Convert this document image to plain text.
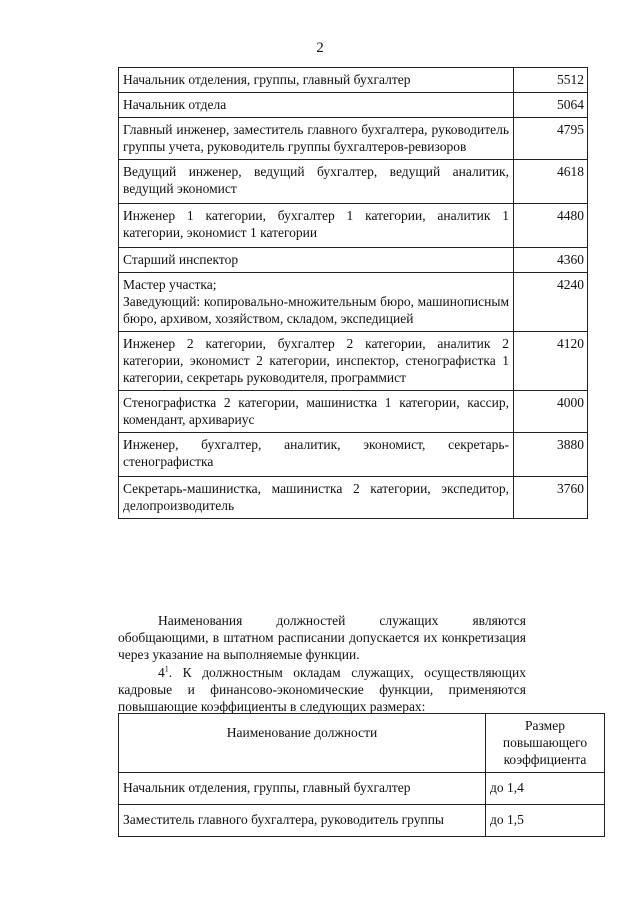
2
Начальник отделения, группы, главный бухгалтер	5512
Начальник отдела	5064
Главный инженер, заместитель главного бухгалтера, руководитель группы учета, руководитель группы бухгалтеров-ревизоров	4795
Ведущий инженер, ведущий бухгалтер, ведущий аналитик, ведущий экономист	4618
Инженер 1 категории, бухгалтер 1 категории, аналитик 1 категории, экономист 1 категории	4480
Старший инспектор	4360

Мастер участка;
Заведующий: копировально-множительным бюро, машинописным бюро, архивом, хозяйством, складом, экспедицией	4240
Инженер 2 категории, бухгалтер 2 категории, аналитик 2 категории, экономист 2 категории, инспектор, стенографистка 1 категории, секретарь руководителя, программист	4120
Стенографистка 2 категории, машинистка 1 категории, кассир, комендант, архивариус	4000
Инженер, бухгалтер, аналитик, экономист, секретарь-стенографистка	3880
Секретарь-машинистка, машинистка 2 категории, экспедитор, делопроизводитель	3760

Наименования должностей служащих являются обобщающими, в штатном расписании допускается их конкретизация через указание на выполняемые функции.

$4^1$. К должностным окладам служащих, осуществляющих кадровые и финансово-экономические функции, применяются повышающие коэффициенты в следующих размерах:

Наименование должности	Размер повышающего коэффициента
Начальник отделения, группы, главный бухгалтер	до 1,4
Заместитель главного бухгалтера, руководитель группы	до 1,5
